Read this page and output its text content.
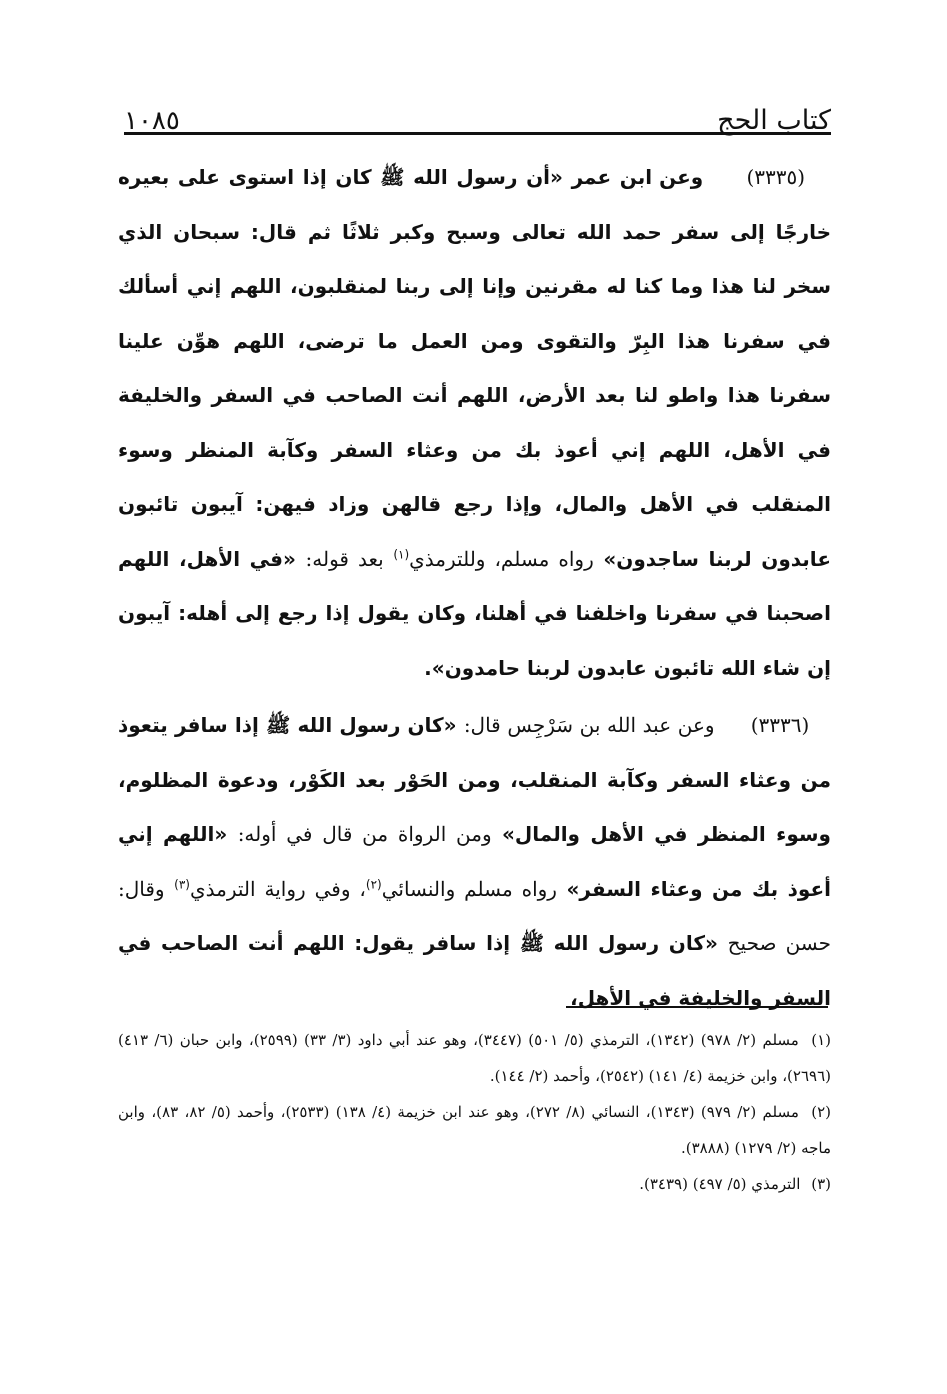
كتاب الحج
١٠٨٥

(٣٣٣٥)     وعن ابن عمر «أن رسول الله ﷺ كان إذا استوى على بعيره خارجًا إلى سفر حمد الله تعالى وسبح وكبر ثلاثًا ثم قال: سبحان الذي سخر لنا هذا وما كنا له مقرنين وإنا إلى ربنا لمنقلبون، اللهم إني أسألك في سفرنا هذا البِرّ والتقوى ومن العمل ما ترضى، اللهم هوِّن علينا سفرنا هذا واطو لنا بعد الأرض، اللهم أنت الصاحب في السفر والخليفة في الأهل، اللهم إني أعوذ بك من وعثاء السفر وكآبة المنظر وسوء المنقلب في الأهل والمال، وإذا رجع قالهن وزاد فيهن: آيبون تائبون عابدون لربنا ساجدون» رواه مسلم، وللترمذي$^{(١)}$ بعد قوله: «في الأهل، اللهم اصحبنا في سفرنا واخلفنا في أهلنا، وكان يقول إذا رجع إلى أهله: آيبون إن شاء الله تائبون عابدون لربنا حامدون».

(٣٣٣٦)     وعن عبد الله بن سَرْجِس قال: «كان رسول الله ﷺ إذا سافر يتعوذ من وعثاء السفر وكآبة المنقلب، ومن الحَوْر بعد الكَوْر، ودعوة المظلوم، وسوء المنظر في الأهل والمال» ومن الرواة من قال في أوله: «اللهم إني أعوذ بك من وعثاء السفر» رواه مسلم والنسائي$^{(٢)}$، وفي رواية الترمذي$^{(٣)}$ وقال: حسن صحيح «كان رسول الله ﷺ إذا سافر يقول: اللهم أنت الصاحب في السفر والخليفة في الأهل،

(١) مسلم (٢/ ٩٧٨) (١٣٤٢)، الترمذي (٥/ ٥٠١) (٣٤٤٧)، وهو عند أبي داود (٣/ ٣٣) (٢٥٩٩)، وابن حبان (٦/ ٤١٣) (٢٦٩٦)، وابن خزيمة (٤/ ١٤١) (٢٥٤٢)، وأحمد (٢/ ١٤٤).

(٢) مسلم (٢/ ٩٧٩) (١٣٤٣)، النسائي (٨/ ٢٧٢)، وهو عند ابن خزيمة (٤/ ١٣٨) (٢٥٣٣)، وأحمد (٥/ ٨٢، ٨٣)، وابن ماجه (٢/ ١٢٧٩) (٣٨٨٨).

(٣) الترمذي (٥/ ٤٩٧) (٣٤٣٩).
